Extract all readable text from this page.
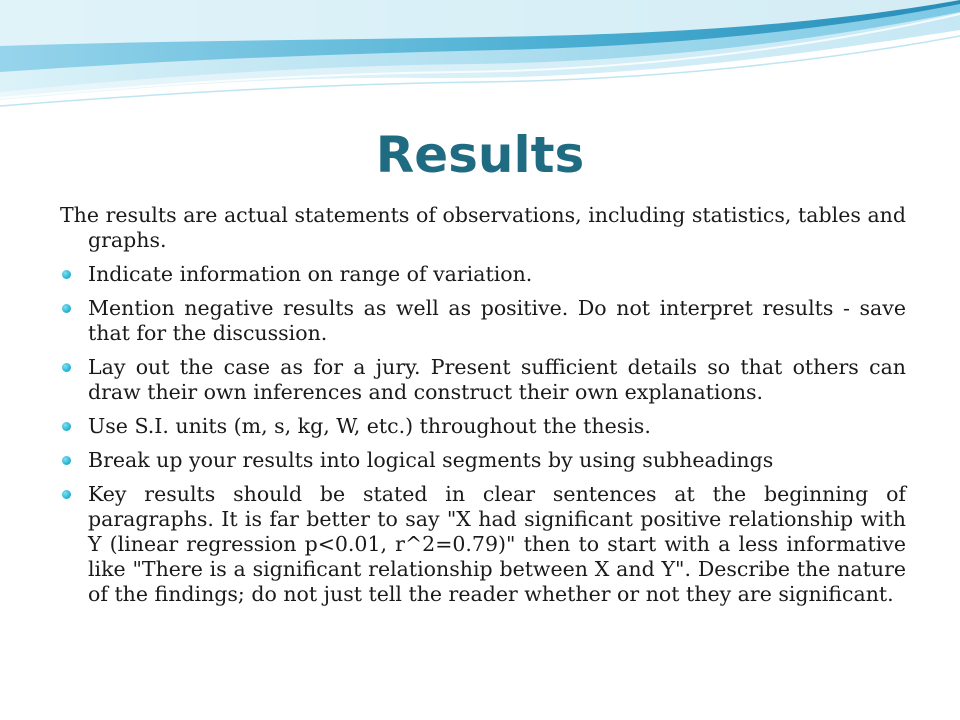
Results

The results are actual statements of observations, including statistics, tables and graphs.

Indicate information on range of variation.
Mention negative results as well as positive. Do not interpret results - save that for the discussion.
Lay out the case as for a jury. Present sufficient details so that others can draw their own inferences and construct their own explanations.
Use S.I. units (m, s, kg, W, etc.) throughout the thesis.
Break up your results into logical segments by using subheadings
Key results should be stated in clear sentences at the beginning of paragraphs. It is far better to say "X had significant positive relationship with Y (linear regression p<0.01, r^2=0.79)" then to start with a less informative like "There is a significant relationship between X and Y". Describe the nature of the findings; do not just tell the reader whether or not they are significant.
